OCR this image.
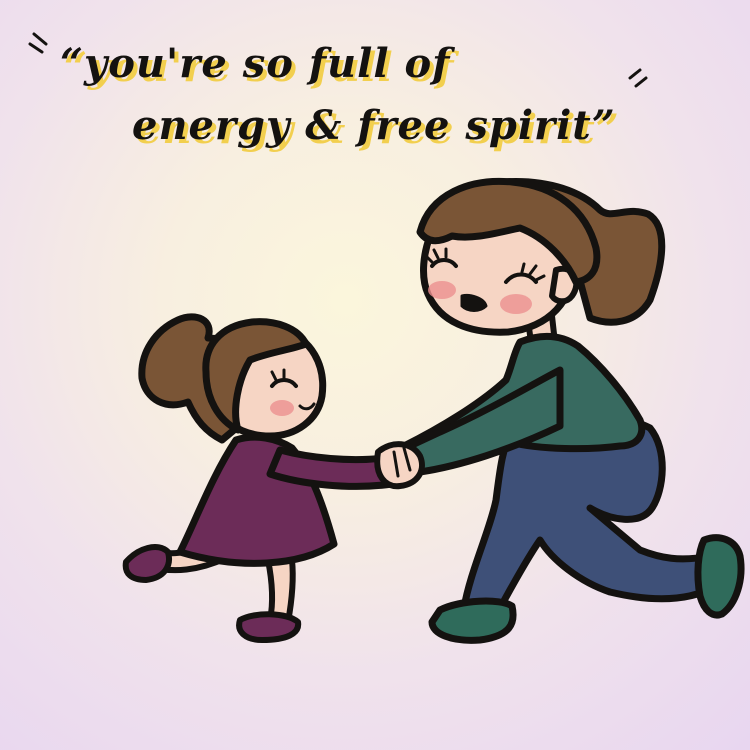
“you're so full of
energy & free spirit”
